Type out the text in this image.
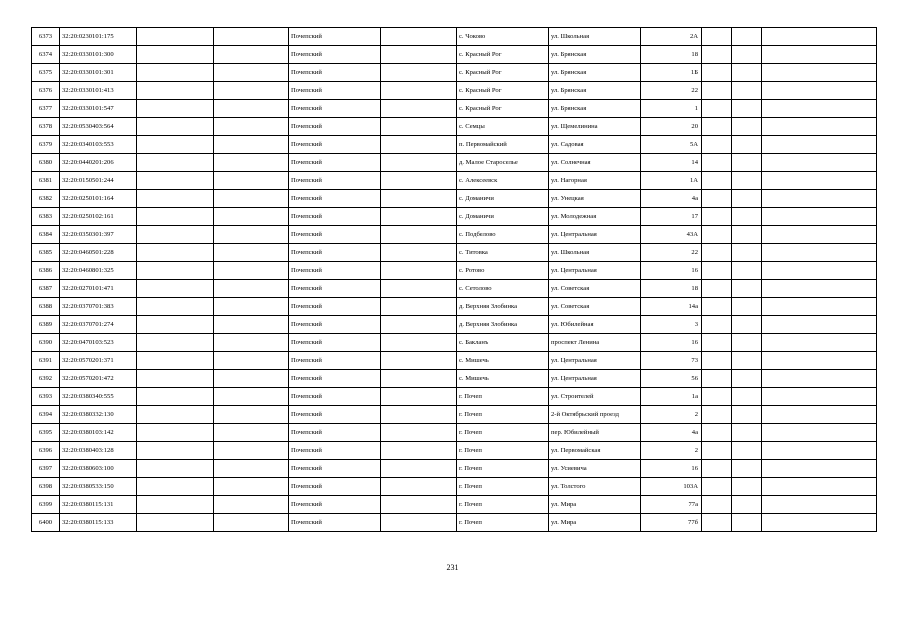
6373	32:20:0230101:175			Почепский		с. Чоково	ул. Школьная	2А			
6374	32:20:0330101:300			Почепский		с. Красный Рог	ул. Брянская	18			
6375	32:20:0330101:301			Почепский		с. Красный Рог	ул. Брянская	1Б			
6376	32:20:0330101:413			Почепский		с. Красный Рог	ул. Брянская	22			
6377	32:20:0330101:547			Почепский		с. Красный Рог	ул. Брянская	1			
6378	32:20:0530403:564			Почепский		с. Семцы	ул. Щемелинина	20			
6379	32:20:0340103:553			Почепский		п. Первомайский	ул. Садовая	5А			
6380	32:20:0440201:206			Почепский		д. Малое Староселье	ул. Солнечная	14			
6381	32:20:0150501:244			Почепский		с. Алексеевск	ул. Нагорная	1А			
6382	32:20:0250101:164			Почепский		с. Доманичи	ул. Унецкая	4а			
6383	32:20:0250102:161			Почепский		с. Доманичи	ул. Молодежная	17			
6384	32:20:0350301:397			Почепский		с. Подбелово	ул. Центральная	43А			
6385	32:20:0460501:228			Почепский		с. Титовка	ул. Школьная	22			
6386	32:20:0460801:325			Почепский		с. Ротово	ул. Центральная	16			
6387	32:20:0270101:471			Почепский		с. Сетолово	ул. Советская	18			
6388	32:20:0370701:383			Почепский		д. Верхняя Злобинка	ул. Советская	14а			
6389	32:20:0370701:274			Почепский		д. Верхняя Злобинка	ул. Юбилейная	3			
6390	32:20:0470103:523			Почепский		с. Бакланъ	проспект Ленина	16			
6391	32:20:0570201:371			Почепский		с. Мишечь	ул. Центральная	73			
6392	32:20:0570201:472			Почепский		с. Мишечь	ул. Центральная	56			
6393	32:20:0380340:555			Почепский		г. Почеп	ул. Строителей	1а			
6394	32:20:0380332:130			Почепский		г. Почеп	2-й Октябрьский проезд	2			
6395	32:20:0380103:142			Почепский		г. Почеп	пер. Юбилейный	4а			
6396	32:20:0380403:128			Почепский		г. Почеп	ул. Первомайская	2			
6397	32:20:0380603:100			Почепский		г. Почеп	ул. Усиевича	16			
6398	32:20:0380533:150			Почепский		г. Почеп	ул. Толстого	103А			
6399	32:20:0380115:131			Почепский		г. Почеп	ул. Мира	77а			
6400	32:20:0380115:133			Почепский		г. Почеп	ул. Мира	77б			
231
